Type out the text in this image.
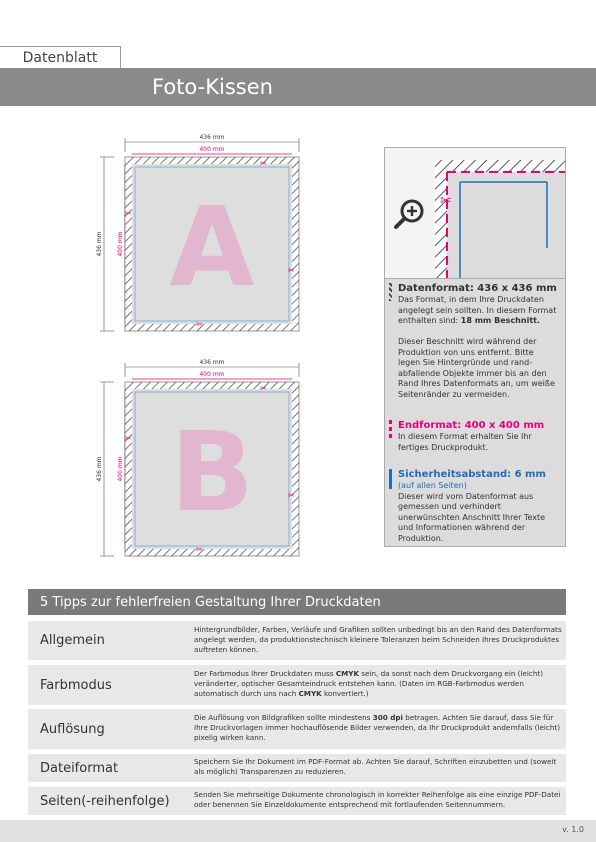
Datenblatt
Foto-Kissen
436 mm
400 mm
436 mm 400 mm A
✂
✂
✂
✂
436 mm
400 mm
436 mm 400 mm B
✂
✂
✂
✂
✂
Datenformat: 436 x 436 mm
Das Format, in dem Ihre Druckdaten angelegt sein sollten. In diesem Format enthalten sind: 18 mm Beschnitt.
Dieser Beschnitt wird während der Produktion von uns entfernt. Bitte legen Sie Hintergründe und rand-abfallende Objekte immer bis an den Rand Ihres Datenformats an, um weiße Seitenränder zu vermeiden.
Endformat: 400 x 400 mm
In diesem Format erhalten Sie Ihr fertiges Druckprodukt.
Sicherheitsabstand: 6 mm
(auf allen Seiten)
Dieser wird vom Datenformat aus gemessen und verhindert unerwünschten Anschnitt Ihrer Texte und Informationen während der Produktion.
5 Tipps zur fehlerfreien Gestaltung Ihrer Druckdaten
Allgemein
Hintergrundbilder, Farben, Verläufe und Grafiken sollten unbedingt bis an den Rand des Datenformats angelegt werden, da produktionstechnisch kleinere Toleranzen beim Schneiden Ihres Druckproduktes auftreten können.
Farbmodus
Der Farbmodus Ihrer Druckdaten muss CMYK sein, da sonst nach dem Druckvorgang ein (leicht) veränderter, optischer Gesamteindruck entstehen kann. (Daten im RGB-Farbmodus werden automatisch durch uns nach CMYK konvertiert.)
Auflösung
Die Auflösung von Bildgrafiken sollte mindestens 300 dpi betragen. Achten Sie darauf, dass Sie für Ihre Druckvorlagen immer hochauflösende Bilder verwenden, da Ihr Druckprodukt andernfalls (leicht) pixelig wirken kann.
Dateiformat	Speichern Sie Ihr Dokument im PDF-Format ab. Achten Sie darauf, Schriften einzubetten und (soweit als möglich) Transparenzen zu reduzieren.
Seiten(-reihenfolge)	Senden Sie mehrseitige Dokumente chronologisch in korrekter Reihenfolge als eine einzige PDF-Datei oder benennen Sie Einzeldokumente entsprechend mit fortlaufenden Seitennummern.
v. 1.0
